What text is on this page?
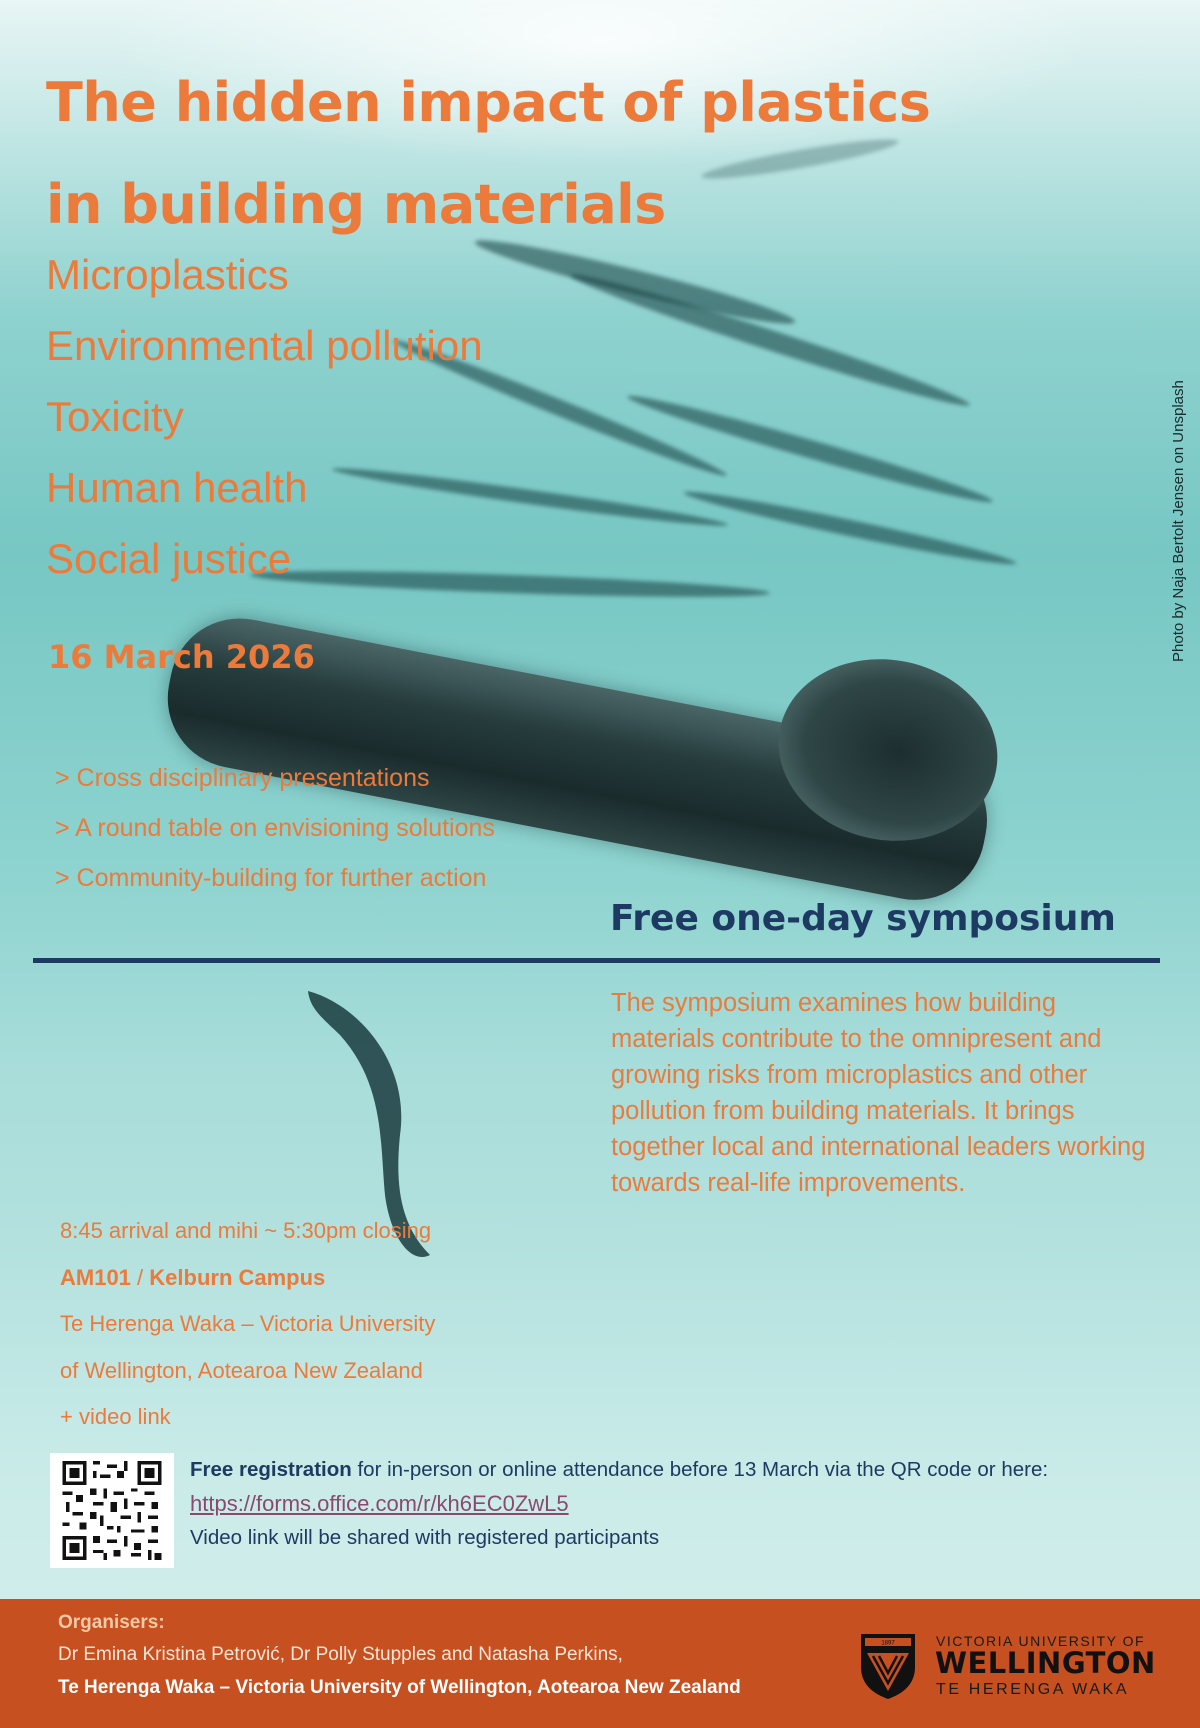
The hidden impact of plastics
in building materials
Microplastics
Environmental pollution
Toxicity
Human health
Social justice
16 March 2026
> Cross disciplinary presentations
> A round table on envisioning solutions
> Community-building for further action
Free one-day symposium
The symposium examines how building materials contribute to the omnipresent and growing risks from microplastics and other pollution from building materials. It brings together local and international leaders working towards real-life improvements.
8:45 arrival and mihi ~ 5:30pm closing
AM101 / Kelburn Campus
Te Herenga Waka – Victoria University
of Wellington, Aotearoa New Zealand
+ video link
Photo by Naja Bertolt Jensen on Unsplash
Free registration for in-person or online attendance before 13 March via the QR code or here:
https://forms.office.com/r/kh6EC0ZwL5
Video link will be shared with registered participants
Organisers:
Dr Emina Kristina Petrović, Dr Polly Stupples and Natasha Perkins,
Te Herenga Waka – Victoria University of Wellington, Aotearoa New Zealand
1897	VICTORIA UNIVERSITY OF
WELLINGTON
TE HERENGA WAKA
